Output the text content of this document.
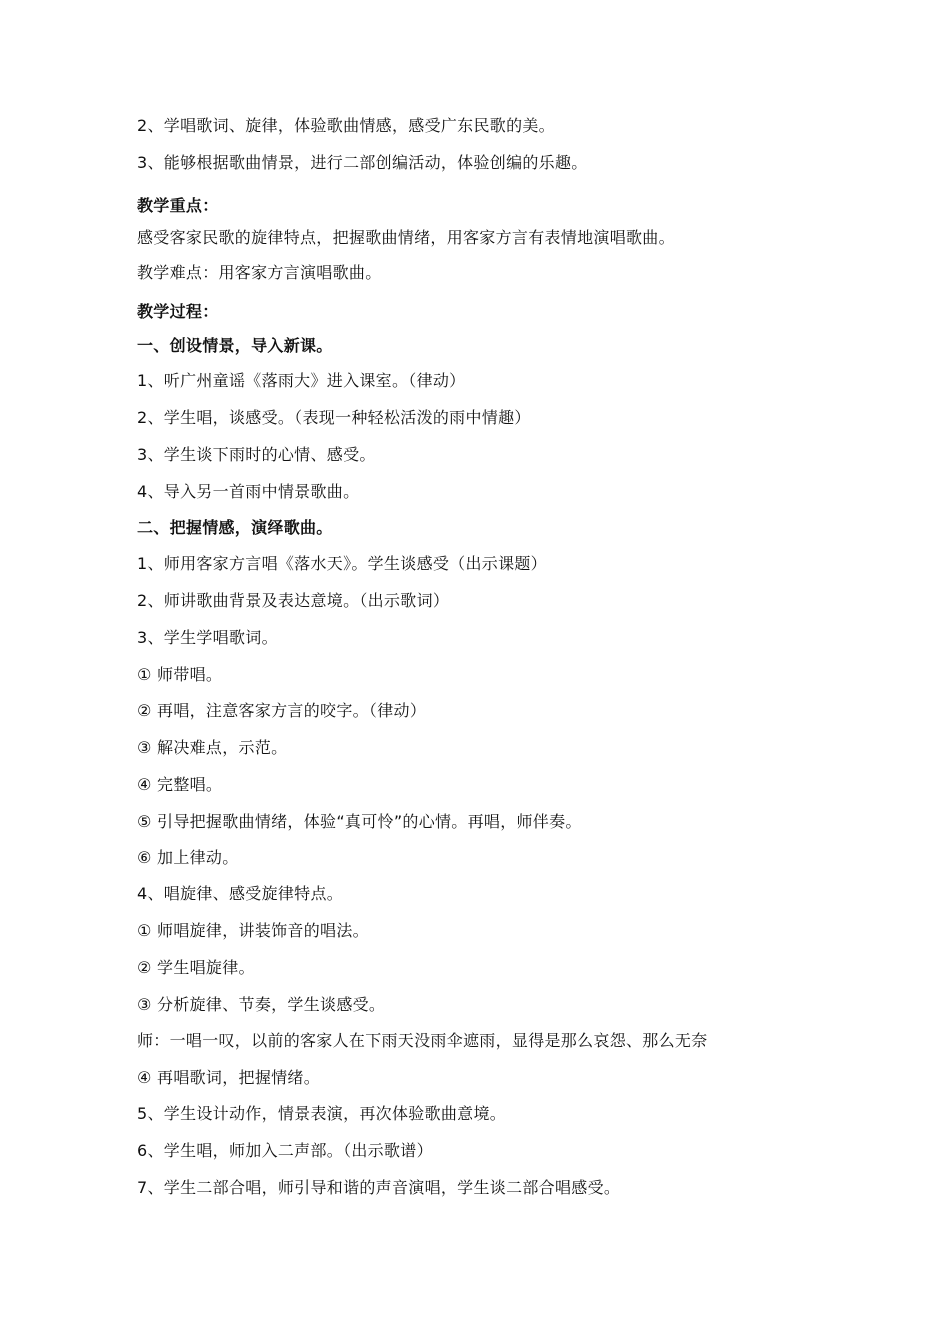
2、学唱歌词、旋律，体验歌曲情感，感受广东民歌的美。
3、能够根据歌曲情景，进行二部创编活动，体验创编的乐趣。
教学重点：
感受客家民歌的旋律特点，把握歌曲情绪，用客家方言有表情地演唱歌曲。
教学难点：用客家方言演唱歌曲。
教学过程：
一、创设情景，导入新课。
1、听广州童谣《落雨大》进入课室。（律动）
2、学生唱，谈感受。（表现一种轻松活泼的雨中情趣）
3、学生谈下雨时的心情、感受。
4、导入另一首雨中情景歌曲。
二、把握情感，演绎歌曲。
1、师用客家方言唱《落水天》。学生谈感受（出示课题）
2、师讲歌曲背景及表达意境。（出示歌词）
3、学生学唱歌词。
① 师带唱。
② 再唱，注意客家方言的咬字。（律动）
③ 解决难点，示范。
④ 完整唱。
⑤ 引导把握歌曲情绪，体验“真可怜”的心情。再唱，师伴奏。
⑥ 加上律动。
4、唱旋律、感受旋律特点。
① 师唱旋律，讲装饰音的唱法。
② 学生唱旋律。
③ 分析旋律、节奏，学生谈感受。
师：一唱一叹，以前的客家人在下雨天没雨伞遮雨，显得是那么哀怨、那么无奈
④ 再唱歌词，把握情绪。
5、学生设计动作，情景表演，再次体验歌曲意境。
6、学生唱，师加入二声部。（出示歌谱）
7、学生二部合唱，师引导和谐的声音演唱，学生谈二部合唱感受。
